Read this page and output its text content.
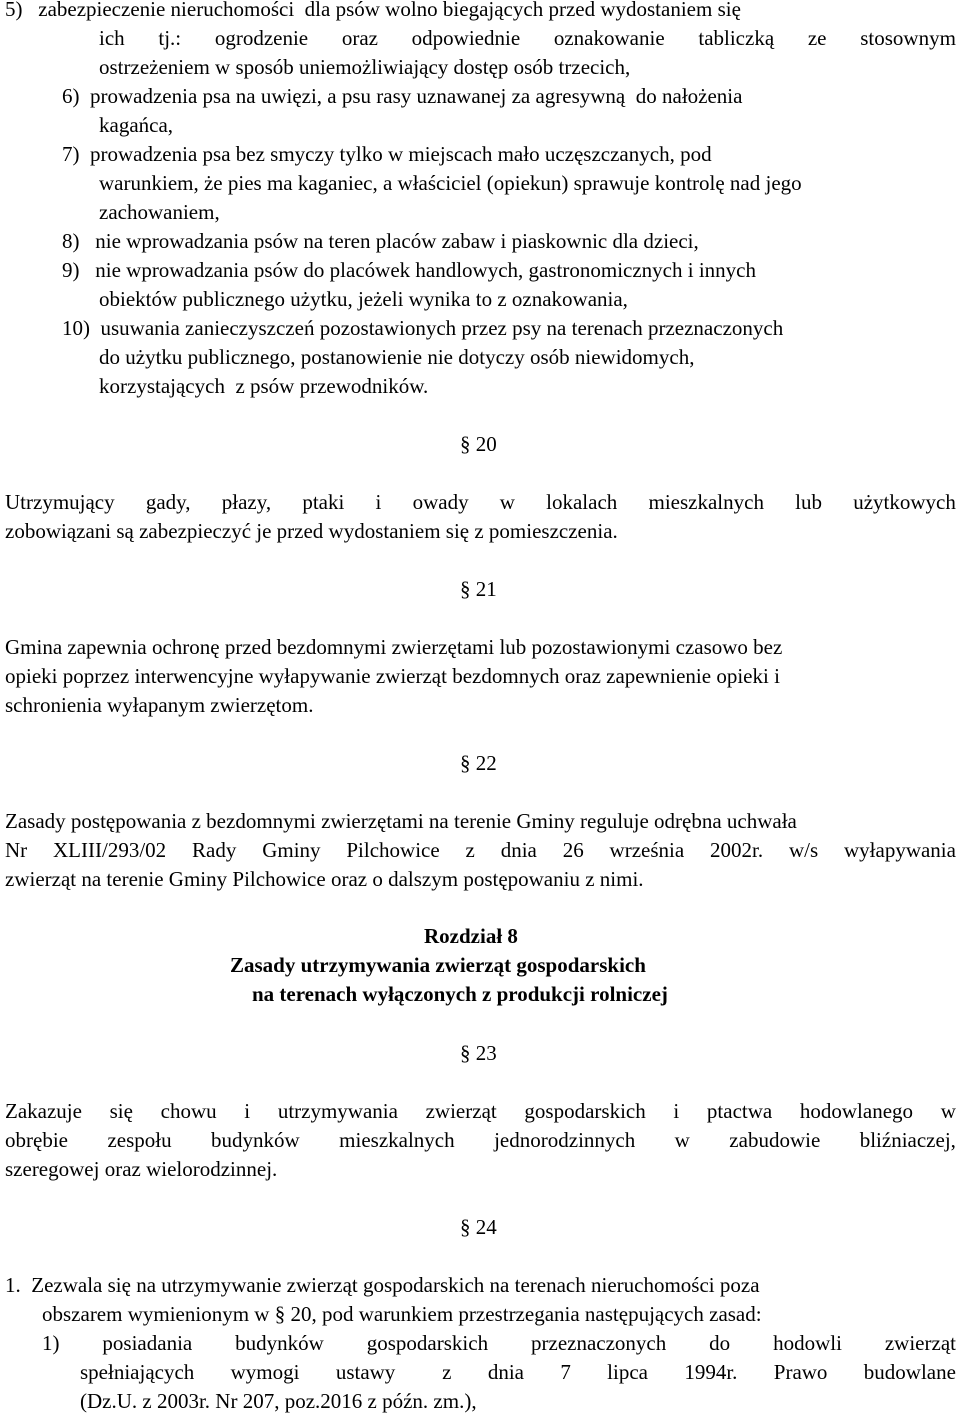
5)   zabezpieczenie nieruchomości  dla psów wolno biegających przed wydostaniem się
ich tj.: ogrodzenie oraz odpowiednie oznakowanie tabliczką ze stosownym
ostrzeżeniem w sposób uniemożliwiający dostęp osób trzecich,
6)  prowadzenia psa na uwięzi, a psu rasy uznawanej za agresywną  do nałożenia
kagańca,
7)  prowadzenia psa bez smyczy tylko w miejscach mało uczęszczanych, pod
warunkiem, że pies ma kaganiec, a właściciel (opiekun) sprawuje kontrolę nad jego
zachowaniem,
8)   nie wprowadzania psów na teren placów zabaw i piaskownic dla dzieci,
9)   nie wprowadzania psów do placówek handlowych, gastronomicznych i innych
obiektów publicznego użytku, jeżeli wynika to z oznakowania,
10)  usuwania zanieczyszczeń pozostawionych przez psy na terenach przeznaczonych
do użytku publicznego, postanowienie nie dotyczy osób niewidomych,
korzystających  z psów przewodników.
§ 20
Utrzymujący gady, płazy, ptaki i owady w lokalach mieszkalnych lub użytkowych
zobowiązani są zabezpieczyć je przed wydostaniem się z pomieszczenia.
§ 21
Gmina zapewnia ochronę przed bezdomnymi zwierzętami lub pozostawionymi czasowo bez
opieki poprzez interwencyjne wyłapywanie zwierząt bezdomnych oraz zapewnienie opieki i
schronienia wyłapanym zwierzętom.
§ 22
Zasady postępowania z bezdomnymi zwierzętami na terenie Gminy reguluje odrębna uchwała
Nr XLIII/293/02 Rady Gminy Pilchowice z dnia 26 września 2002r. w/s wyłapywania
zwierząt na terenie Gminy Pilchowice oraz o dalszym postępowaniu z nimi.
Rozdział 8
Zasady utrzymywania zwierząt gospodarskich
na terenach wyłączonych z produkcji rolniczej
§ 23
Zakazuje się chowu i utrzymywania zwierząt gospodarskich i ptactwa hodowlanego w
obrębie zespołu budynków mieszkalnych jednorodzinnych w zabudowie bliźniaczej,
szeregowej oraz wielorodzinnej.
§ 24
1.  Zezwala się na utrzymywanie zwierząt gospodarskich na terenach nieruchomości poza
obszarem wymienionym w § 20, pod warunkiem przestrzegania następujących zasad:
1) posiadania budynków gospodarskich przeznaczonych do hodowli zwierząt
spełniających wymogi ustawy z dnia 7 lipca 1994r. Prawo budowlane
(Dz.U. z 2003r. Nr 207, poz.2016 z późn. zm.),
